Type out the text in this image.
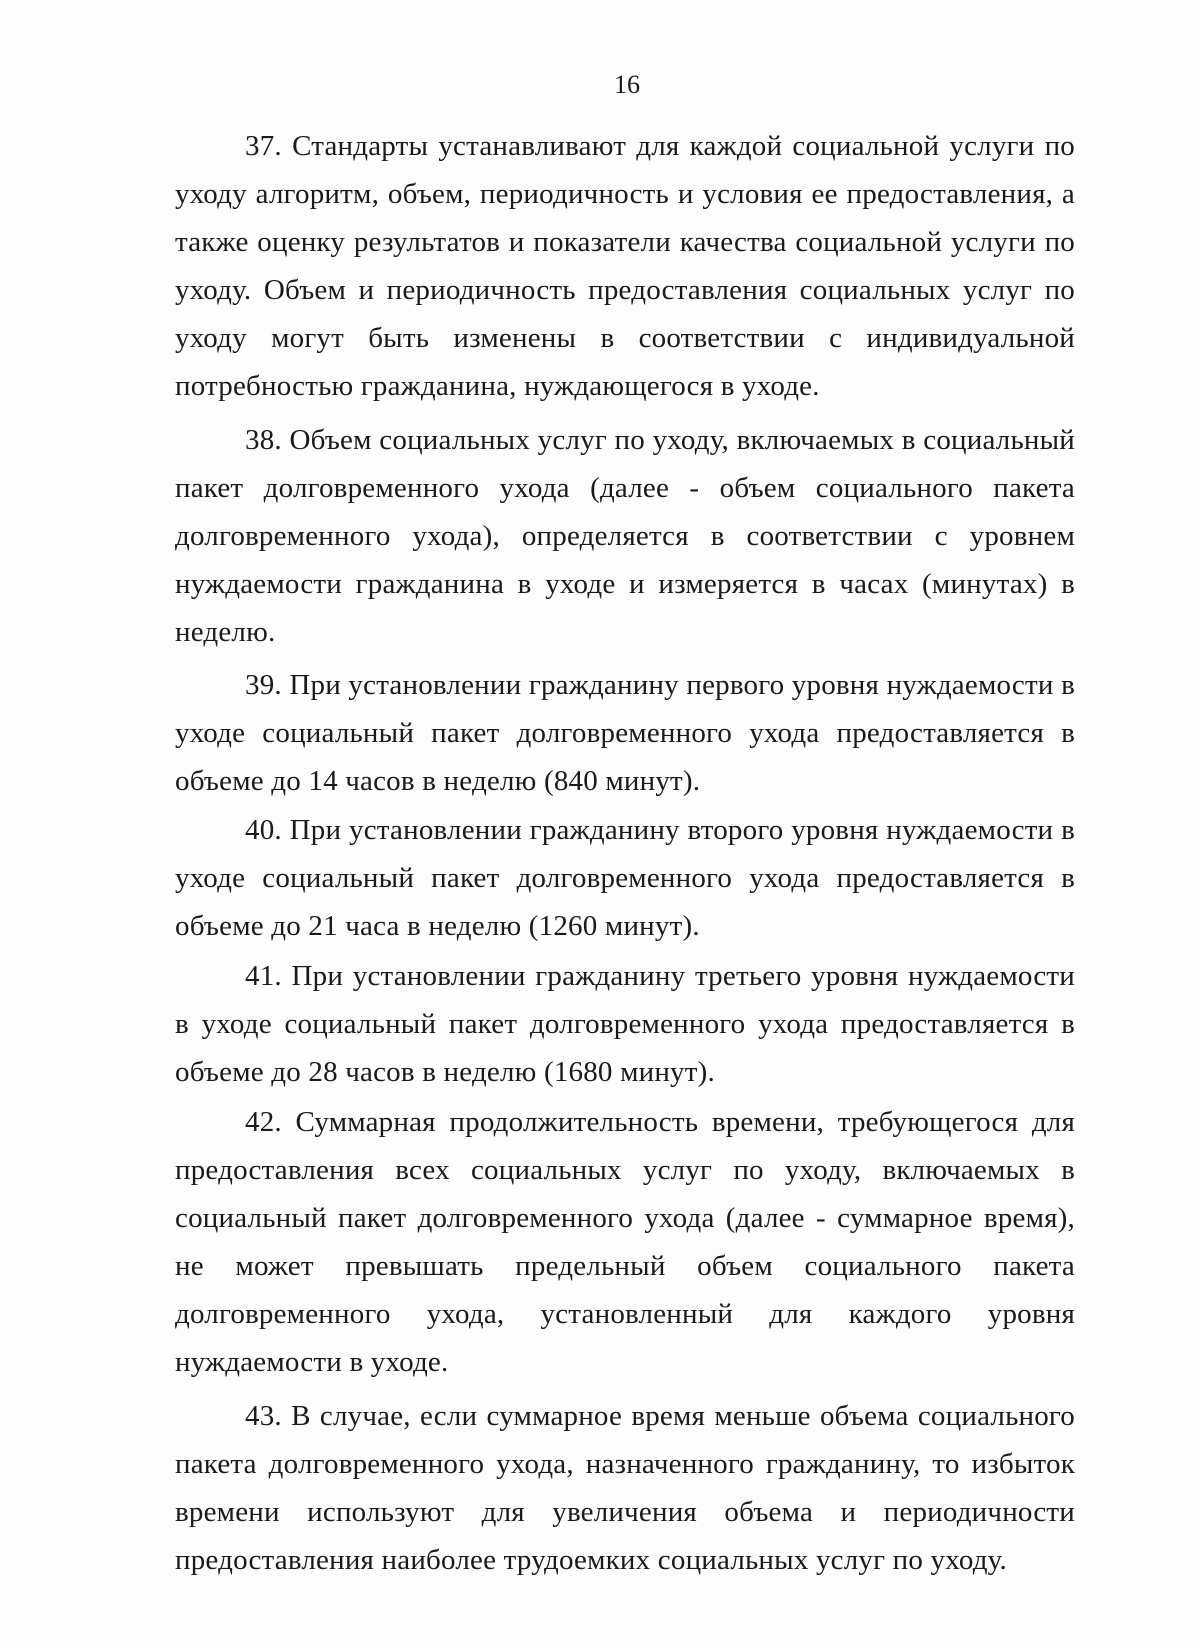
16

37. Стандарты устанавливают для каждой социальной услуги по уходу алгоритм, объем, периодичность и условия ее предоставления, а также оценку результатов и показатели качества социальной услуги по уходу. Объем и периодичность предоставления социальных услуг по уходу могут быть изменены в соответствии с индивидуальной потребностью гражданина, нуждающегося в уходе.

38. Объем социальных услуг по уходу, включаемых в социальный пакет долговременного ухода (далее - объем социального пакета долговременного ухода), определяется в соответствии с уровнем нуждаемости гражданина в уходе и измеряется в часах (минутах) в неделю.

39. При установлении гражданину первого уровня нуждаемости в уходе социальный пакет долговременного ухода предоставляется в объеме до 14 часов в неделю (840 минут).

40. При установлении гражданину второго уровня нуждаемости в уходе социальный пакет долговременного ухода предоставляется в объеме до 21 часа в неделю (1260 минут).

41. При установлении гражданину третьего уровня нуждаемости в уходе социальный пакет долговременного ухода предоставляется в объеме до 28 часов в неделю (1680 минут).

42. Суммарная продолжительность времени, требующегося для предоставления всех социальных услуг по уходу, включаемых в социальный пакет долговременного ухода (далее - суммарное время), не может превышать предельный объем социального пакета долговременного ухода, установленный для каждого уровня нуждаемости в уходе.

43. В случае, если суммарное время меньше объема социального пакета долговременного ухода, назначенного гражданину, то избыток времени используют для увеличения объема и периодичности предоставления наиболее трудоемких социальных услуг по уходу.
